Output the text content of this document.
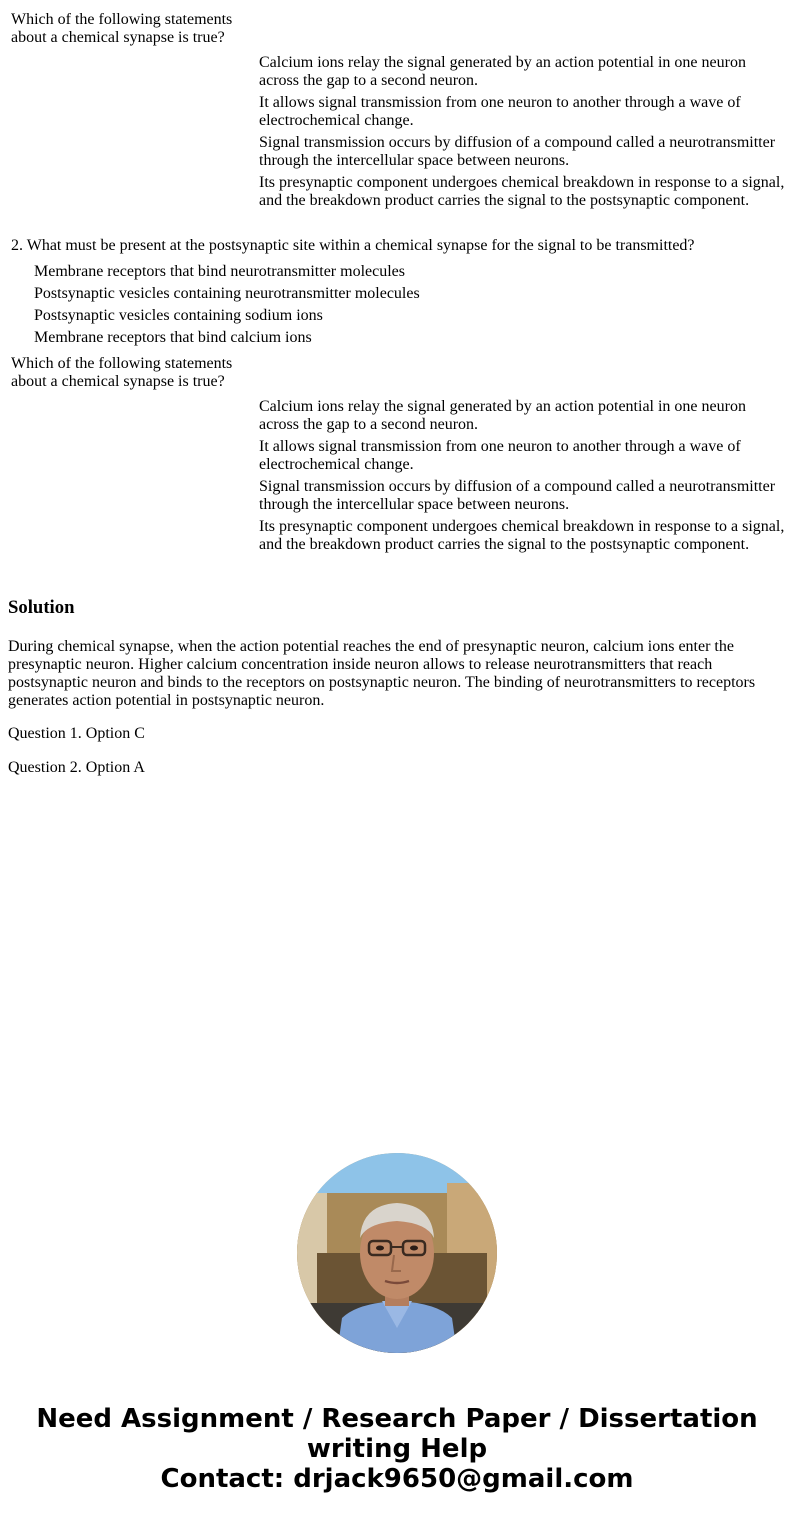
Which of the following statements about a chemical synapse is true?
Calcium ions relay the signal generated by an action potential in one neuron across the gap to a second neuron.
It allows signal transmission from one neuron to another through a wave of electrochemical change.
Signal transmission occurs by diffusion of a compound called a neurotransmitter through the intercellular space between neurons.
Its presynaptic component undergoes chemical breakdown in response to a signal, and the breakdown product carries the signal to the postsynaptic component.
2. What must be present at the postsynaptic site within a chemical synapse for the signal to be transmitted?
Membrane receptors that bind neurotransmitter molecules
Postsynaptic vesicles containing neurotransmitter molecules
Postsynaptic vesicles containing sodium ions
Membrane receptors that bind calcium ions
Which of the following statements about a chemical synapse is true?
Calcium ions relay the signal generated by an action potential in one neuron across the gap to a second neuron.
It allows signal transmission from one neuron to another through a wave of electrochemical change.
Signal transmission occurs by diffusion of a compound called a neurotransmitter through the intercellular space between neurons.
Its presynaptic component undergoes chemical breakdown in response to a signal, and the breakdown product carries the signal to the postsynaptic component.
Solution

During chemical synapse, when the action potential reaches the end of presynaptic neuron, calcium ions enter the presynaptic neuron. Higher calcium concentration inside neuron allows to release neurotransmitters that reach postsynaptic neuron and binds to the receptors on postsynaptic neuron. The binding of neurotransmitters to receptors generates action potential in postsynaptic neuron.

Question 1. Option C

Question 2. Option A

Need Assignment / Research Paper / Dissertation writing Help
Contact: drjack9650@gmail.com
